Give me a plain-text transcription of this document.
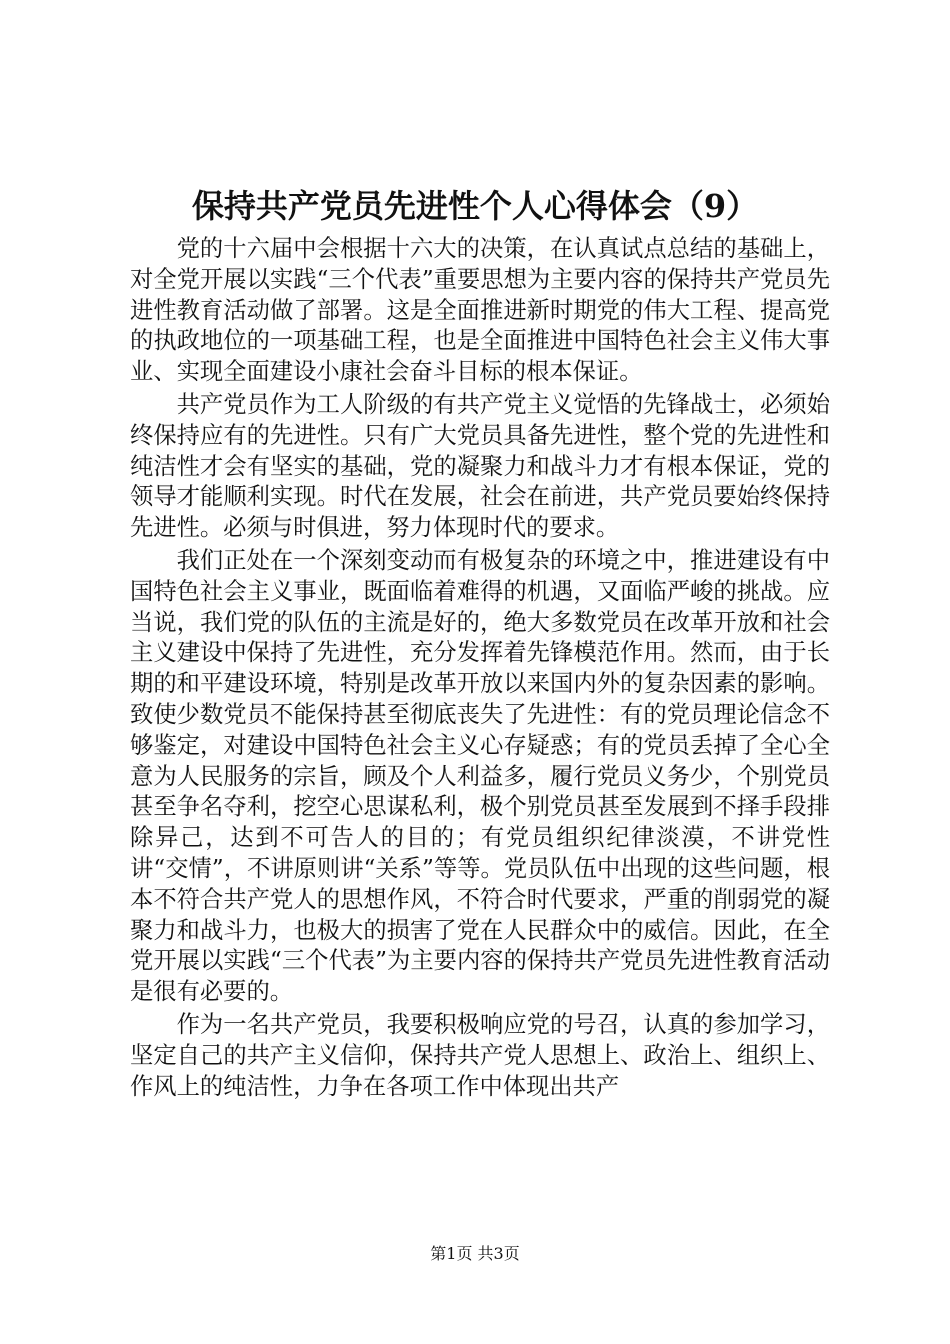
保持共产党员先进性个人心得体会（9）

党的十六届中会根据十六大的决策，在认真试点总结的基础上，对全党开展以实践“三个代表”重要思想为主要内容的保持共产党员先进性教育活动做了部署。这是全面推进新时期党的伟大工程、提高党的执政地位的一项基础工程，也是全面推进中国特色社会主义伟大事业、实现全面建设小康社会奋斗目标的根本保证。

共产党员作为工人阶级的有共产党主义觉悟的先锋战士，必须始终保持应有的先进性。只有广大党员具备先进性，整个党的先进性和纯洁性才会有坚实的基础，党的凝聚力和战斗力才有根本保证，党的领导才能顺利实现。时代在发展，社会在前进，共产党员要始终保持先进性。必须与时俱进，努力体现时代的要求。

我们正处在一个深刻变动而有极复杂的环境之中，推进建设有中国特色社会主义事业，既面临着难得的机遇，又面临严峻的挑战。应当说，我们党的队伍的主流是好的，绝大多数党员在改革开放和社会主义建设中保持了先进性，充分发挥着先锋模范作用。然而，由于长期的和平建设环境，特别是改革开放以来国内外的复杂因素的影响。致使少数党员不能保持甚至彻底丧失了先进性：有的党员理论信念不够鉴定，对建设中国特色社会主义心存疑惑；有的党员丢掉了全心全意为人民服务的宗旨，顾及个人利益多，履行党员义务少，个别党员甚至争名夺利，挖空心思谋私利，极个别党员甚至发展到不择手段排除异己，达到不可告人的目的；有党员组织纪律淡漠，不讲党性讲“交情”，不讲原则讲“关系”等等。党员队伍中出现的这些问题，根本不符合共产党人的思想作风，不符合时代要求，严重的削弱党的凝聚力和战斗力，也极大的损害了党在人民群众中的威信。因此，在全党开展以实践“三个代表”为主要内容的保持共产党员先进性教育活动是很有必要的。

作为一名共产党员，我要积极响应党的号召，认真的参加学习，坚定自己的共产主义信仰，保持共产党人思想上、政治上、组织上、作风上的纯洁性，力争在各项工作中体现出共产

第1页 共3页
